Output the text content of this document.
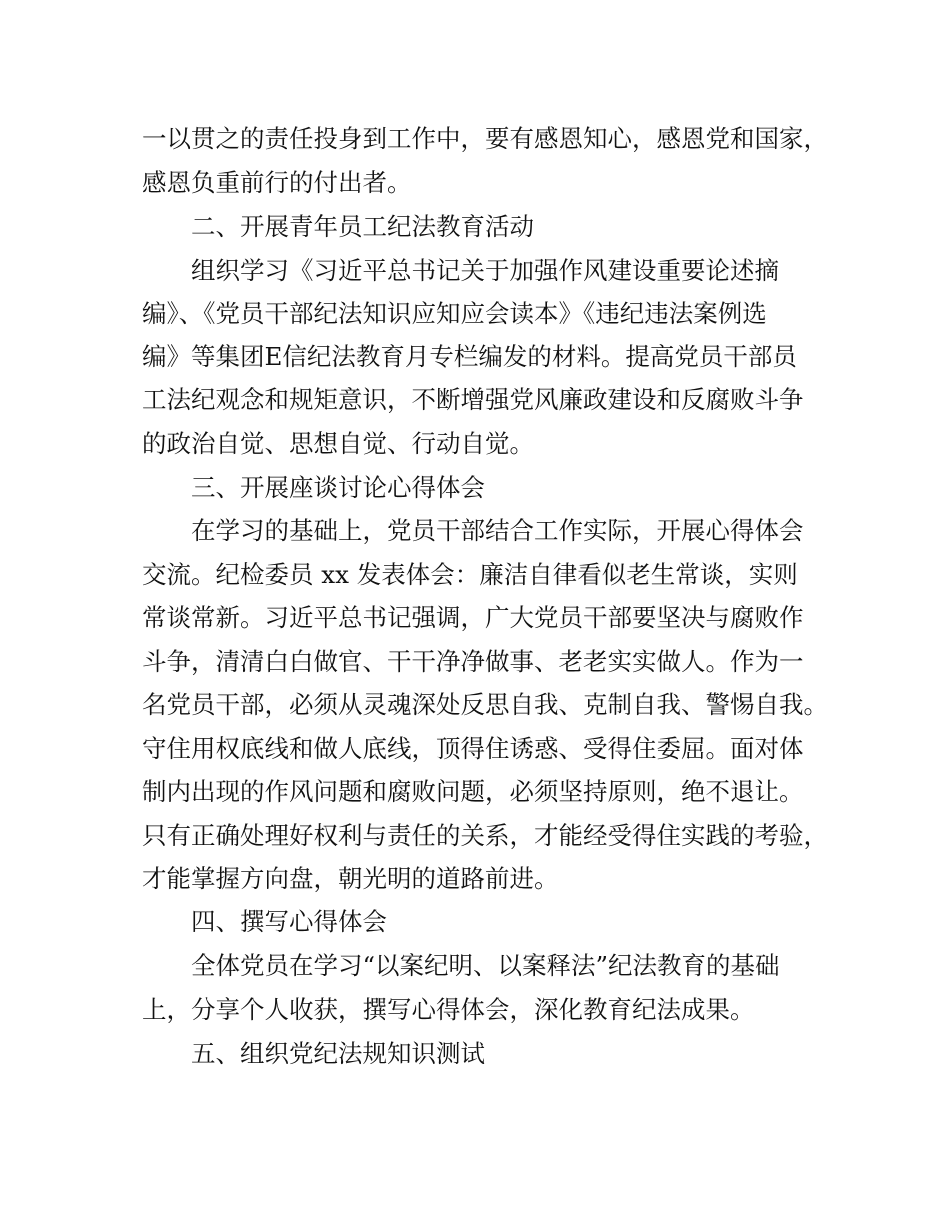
一以贯之的责任投身到工作中，要有感恩知心，感恩党和国家，
感恩负重前行的付出者。
二、开展青年员工纪法教育活动
组织学习《习近平总书记关于加强作风建设重要论述摘
编》、《党员干部纪法知识应知应会读本》《违纪违法案例选
编》等集团E信纪法教育月专栏编发的材料。提高党员干部员
工法纪观念和规矩意识，不断增强党风廉政建设和反腐败斗争
的政治自觉、思想自觉、行动自觉。
三、开展座谈讨论心得体会
在学习的基础上，党员干部结合工作实际，开展心得体会
交流。纪检委员 xx 发表体会：廉洁自律看似老生常谈，实则
常谈常新。习近平总书记强调，广大党员干部要坚决与腐败作
斗争，清清白白做官、干干净净做事、老老实实做人。作为一
名党员干部，必须从灵魂深处反思自我、克制自我、警惕自我。
守住用权底线和做人底线，顶得住诱惑、受得住委屈。面对体
制内出现的作风问题和腐败问题，必须坚持原则，绝不退让。
只有正确处理好权利与责任的关系，才能经受得住实践的考验，
才能掌握方向盘，朝光明的道路前进。
四、撰写心得体会
全体党员在学习“以案纪明、以案释法”纪法教育的基础
上，分享个人收获，撰写心得体会，深化教育纪法成果。
五、组织党纪法规知识测试
